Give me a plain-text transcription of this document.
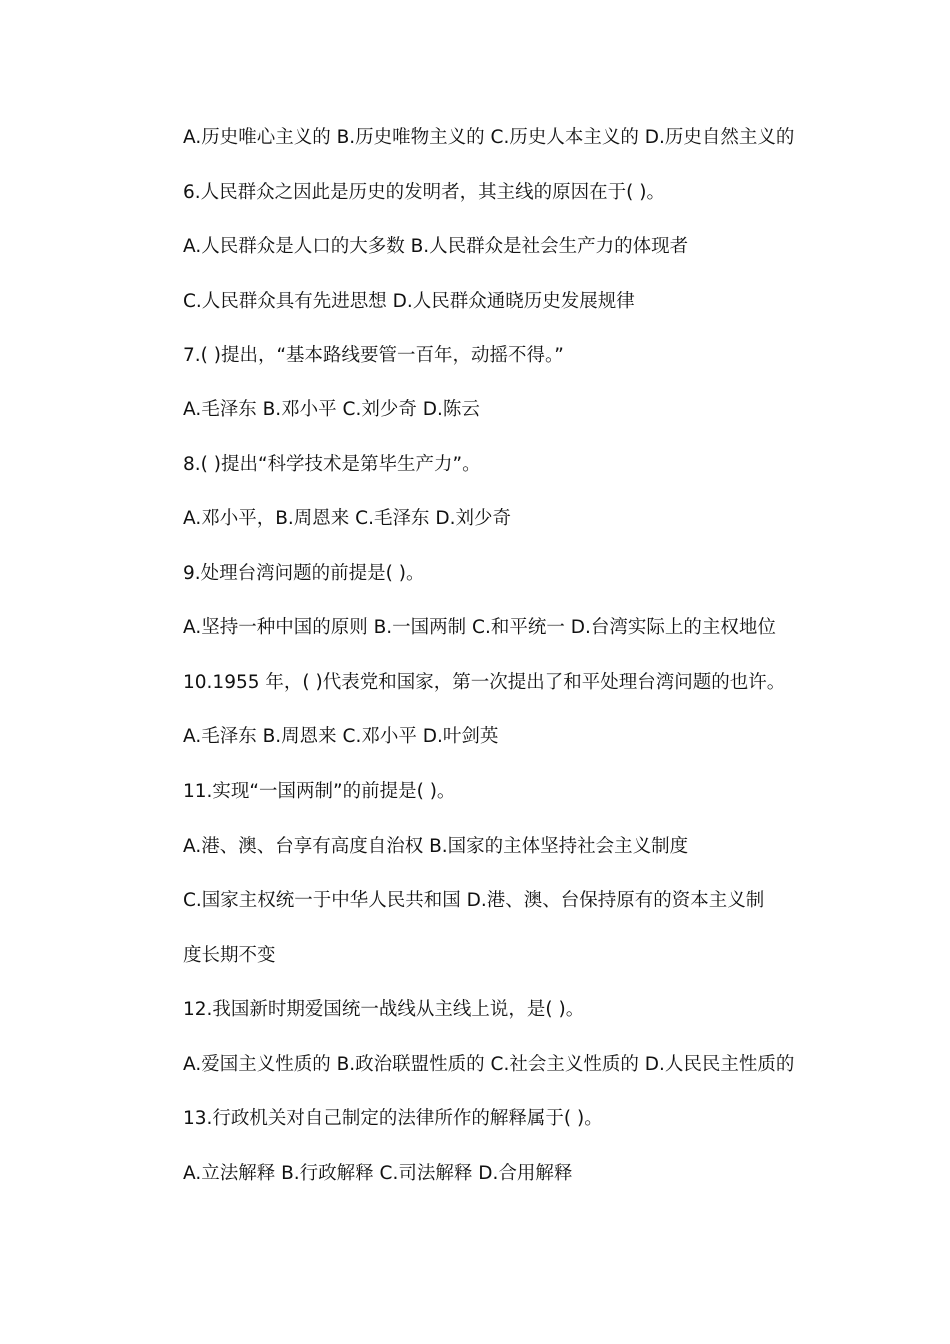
A.历史唯心主义的 B.历史唯物主义的 C.历史人本主义的 D.历史自然主义的
6.人民群众之因此是历史的发明者，其主线的原因在于( )。
A.人民群众是人口的大多数 B.人民群众是社会生产力的体现者
C.人民群众具有先进思想 D.人民群众通晓历史发展规律
7.( )提出，“基本路线要管一百年，动摇不得。”
A.毛泽东 B.邓小平 C.刘少奇 D.陈云
8.( )提出“科学技术是第毕生产力”。
A.邓小平，B.周恩来 C.毛泽东 D.刘少奇
9.处理台湾问题的前提是( )。
A.坚持一种中国的原则 B.一国两制 C.和平统一 D.台湾实际上的主权地位
10.1955 年，( )代表党和国家，第一次提出了和平处理台湾问题的也许。
A.毛泽东 B.周恩来 C.邓小平 D.叶剑英
11.实现“一国两制”的前提是( )。
A.港、澳、台享有高度自治权 B.国家的主体坚持社会主义制度
C.国家主权统一于中华人民共和国 D.港、澳、台保持原有的资本主义制
度长期不变
12.我国新时期爱国统一战线从主线上说，是( )。
A.爱国主义性质的 B.政治联盟性质的 C.社会主义性质的 D.人民民主性质的
13.行政机关对自己制定的法律所作的解释属于( )。
A.立法解释 B.行政解释 C.司法解释 D.合用解释
